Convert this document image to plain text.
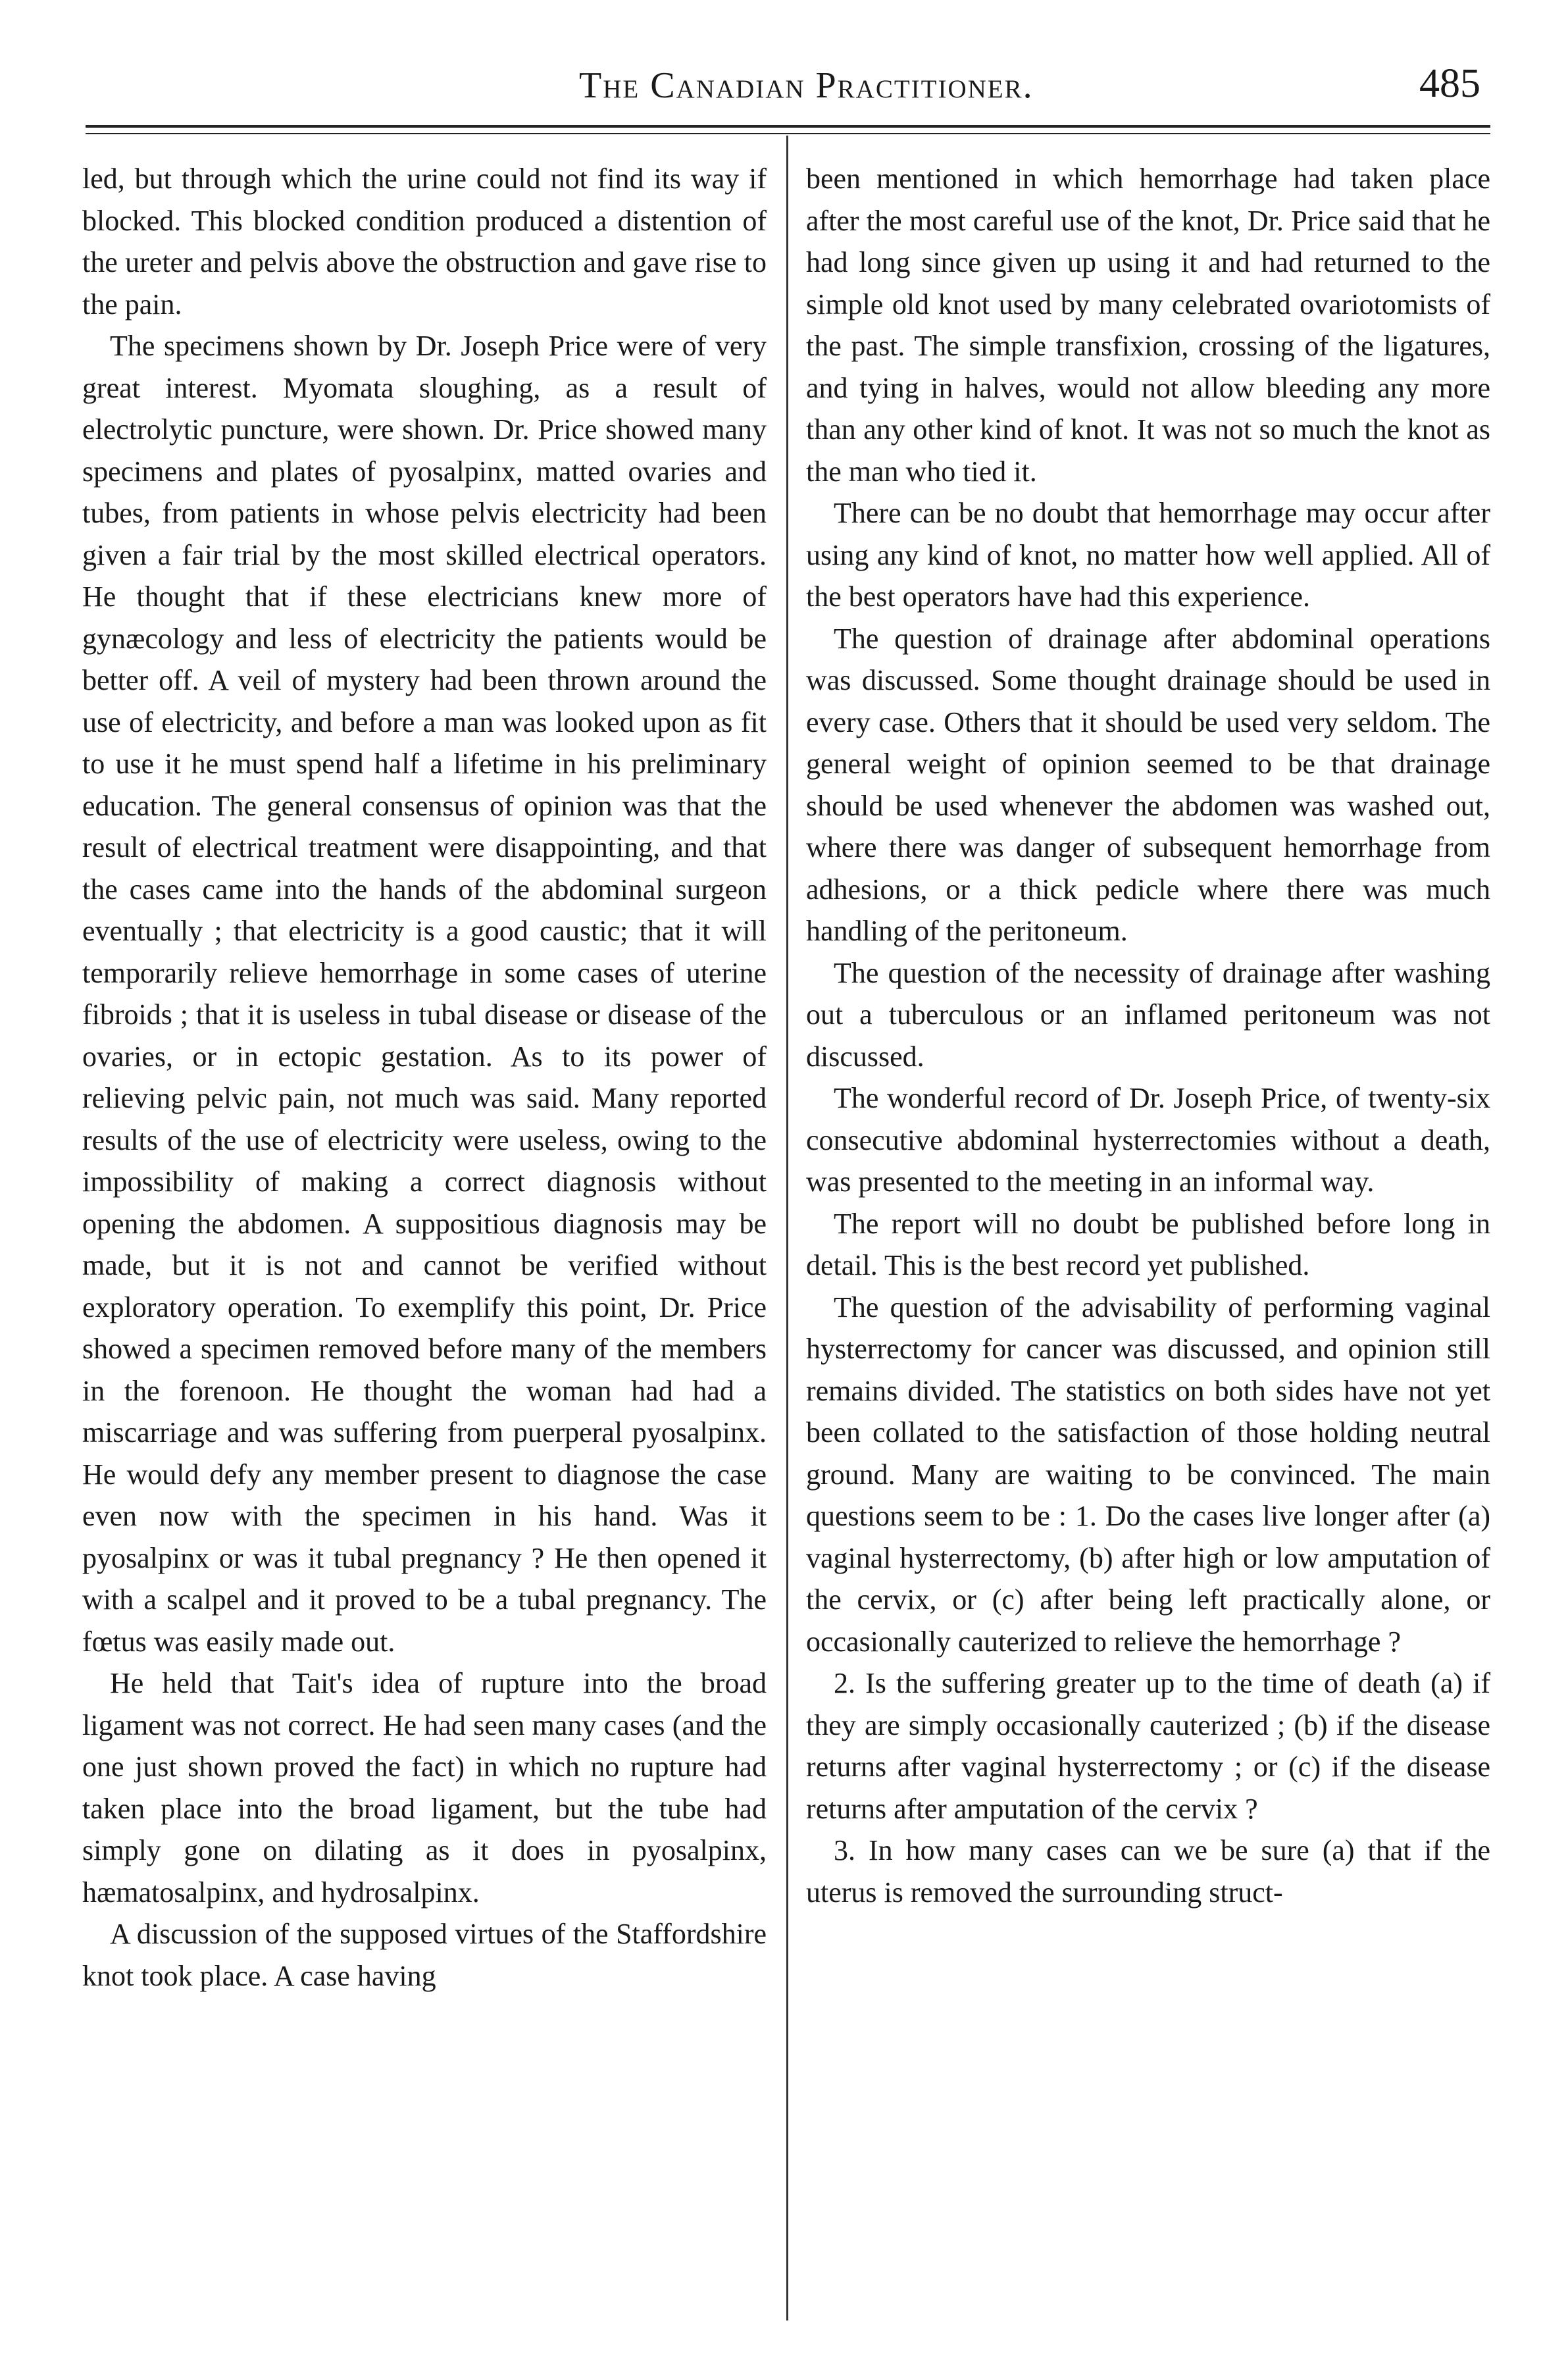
The Canadian Practitioner.	485

led, but through which the urine could not find its way if blocked. This blocked condition produced a distention of the ureter and pelvis above the obstruction and gave rise to the pain.

The specimens shown by Dr. Joseph Price were of very great interest. Myomata sloughing, as a result of electrolytic puncture, were shown. Dr. Price showed many specimens and plates of pyosalpinx, matted ovaries and tubes, from patients in whose pelvis electricity had been given a fair trial by the most skilled electrical operators. He thought that if these electricians knew more of gynæcology and less of electricity the patients would be better off. A veil of mystery had been thrown around the use of electricity, and before a man was looked upon as fit to use it he must spend half a lifetime in his preliminary education. The general consensus of opinion was that the result of electrical treatment were disappointing, and that the cases came into the hands of the abdominal surgeon eventually ; that electricity is a good caustic; that it will temporarily relieve hemorrhage in some cases of uterine fibroids ; that it is useless in tubal disease or disease of the ovaries, or in ectopic gestation. As to its power of relieving pelvic pain, not much was said. Many reported results of the use of electricity were useless, owing to the impossibility of making a correct diagnosis without opening the abdomen. A suppositious diagnosis may be made, but it is not and cannot be verified without exploratory operation. To exemplify this point, Dr. Price showed a specimen removed before many of the members in the forenoon. He thought the woman had had a miscarriage and was suffering from puerperal pyosalpinx. He would defy any member present to diagnose the case even now with the specimen in his hand. Was it pyosalpinx or was it tubal pregnancy ? He then opened it with a scalpel and it proved to be a tubal pregnancy. The fœtus was easily made out.

He held that Tait's idea of rupture into the broad ligament was not correct. He had seen many cases (and the one just shown proved the fact) in which no rupture had taken place into the broad ligament, but the tube had simply gone on dilating as it does in pyosalpinx, hæmatosalpinx, and hydrosalpinx.

A discussion of the supposed virtues of the Staffordshire knot took place. A case having

been mentioned in which hemorrhage had taken place after the most careful use of the knot, Dr. Price said that he had long since given up using it and had returned to the simple old knot used by many celebrated ovariotomists of the past. The simple transfixion, crossing of the ligatures, and tying in halves, would not allow bleeding any more than any other kind of knot. It was not so much the knot as the man who tied it.

There can be no doubt that hemorrhage may occur after using any kind of knot, no matter how well applied. All of the best operators have had this experience.

The question of drainage after abdominal operations was discussed. Some thought drainage should be used in every case. Others that it should be used very seldom. The general weight of opinion seemed to be that drainage should be used whenever the abdomen was washed out, where there was danger of subsequent hemorrhage from adhesions, or a thick pedicle where there was much handling of the peritoneum.

The question of the necessity of drainage after washing out a tuberculous or an inflamed peritoneum was not discussed.

The wonderful record of Dr. Joseph Price, of twenty-six consecutive abdominal hysterrectomies without a death, was presented to the meeting in an informal way.

The report will no doubt be published before long in detail. This is the best record yet published.

The question of the advisability of performing vaginal hysterrectomy for cancer was discussed, and opinion still remains divided. The statistics on both sides have not yet been collated to the satisfaction of those holding neutral ground. Many are waiting to be convinced. The main questions seem to be : 1. Do the cases live longer after (a) vaginal hysterrectomy, (b) after high or low amputation of the cervix, or (c) after being left practically alone, or occasionally cauterized to relieve the hemorrhage ?

2. Is the suffering greater up to the time of death (a) if they are simply occasionally cauterized ; (b) if the disease returns after vaginal hysterrectomy ; or (c) if the disease returns after amputation of the cervix ?

3. In how many cases can we be sure (a) that if the uterus is removed the surrounding struct-
